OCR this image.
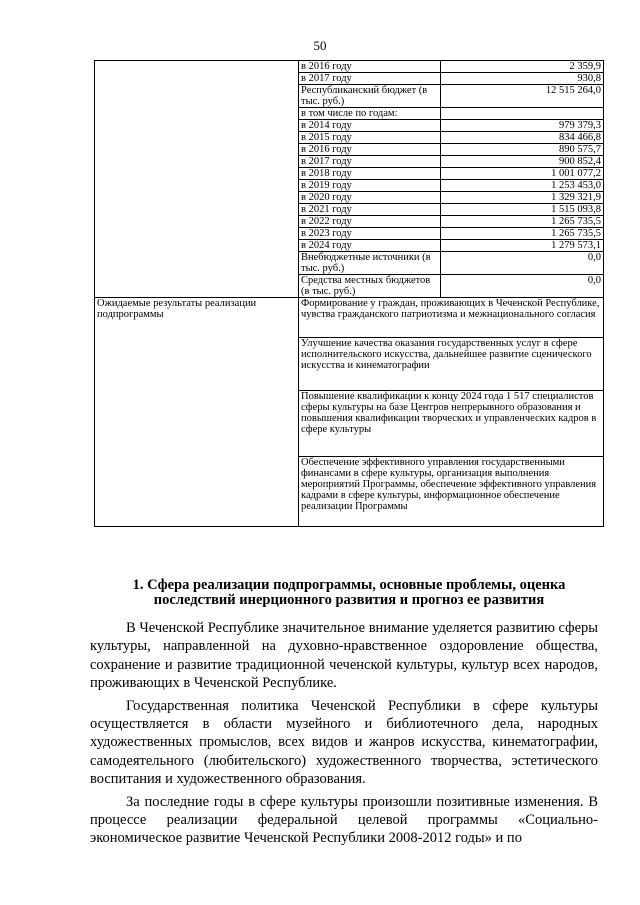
50
	в 2016 году	2 359,9
	в 2017 году	930,8
	Республиканский бюджет (в тыс. руб.)	12 515 264,0
	в том числе по годам:	
	в 2014 году	979 379,3
	в 2015 году	834 466,8
	в 2016 году	890 575,7
	в 2017 году	900 852,4
	в 2018 году	1 001 077,2
	в 2019 году	1 253 453,0
	в 2020 году	1 329 321,9
	в 2021 году	1 515 093,8
	в 2022 году	1 265 735,5
	в 2023 году	1 265 735,5
	в 2024 году	1 279 573,1
	Внебюджетные источники (в тыс. руб.)	0,0
	Средства местных бюджетов (в тыс. руб.)	0,0
Ожидаемые результаты реализации подпрограммы	Формирование у граждан, проживающих в Чеченской Республике, чувства гражданского патриотизма и межнационального согласия	
	Улучшение качества оказания государственных услуг в сфере исполнительского искусства, дальнейшее развитие сценического искусства и кинематографии	
	Повышение квалификации к концу 2024 года 1 517 специалистов сферы культуры на базе Центров непрерывного образования и повышения квалификации творческих и управленческих кадров в сфере культуры	
	Обеспечение эффективного управления государственными финансами в сфере культуры, организация выполнения мероприятий Программы, обеспечение эффективного управления кадрами в сфере культуры, информационное обеспечение реализации Программы	
1. Сфера реализации подпрограммы, основные проблемы, оценка последствий инерционного развития и прогноз ее развития

В Чеченской Республике значительное внимание уделяется развитию сферы культуры, направленной на духовно-нравственное оздоровление общества, сохранение и развитие традиционной чеченской культуры, культур всех народов, проживающих в Чеченской Республике.

Государственная политика Чеченской Республики в сфере культуры осуществляется в области музейного и библиотечного дела, народных художественных промыслов, всех видов и жанров искусства, кинематографии, самодеятельного (любительского) художественного творчества, эстетического воспитания и художественного образования.

За последние годы в сфере культуры произошли позитивные изменения. В процессе реализации федеральной целевой программы «Социально-экономическое развитие Чеченской Республики 2008-2012 годы» и по
